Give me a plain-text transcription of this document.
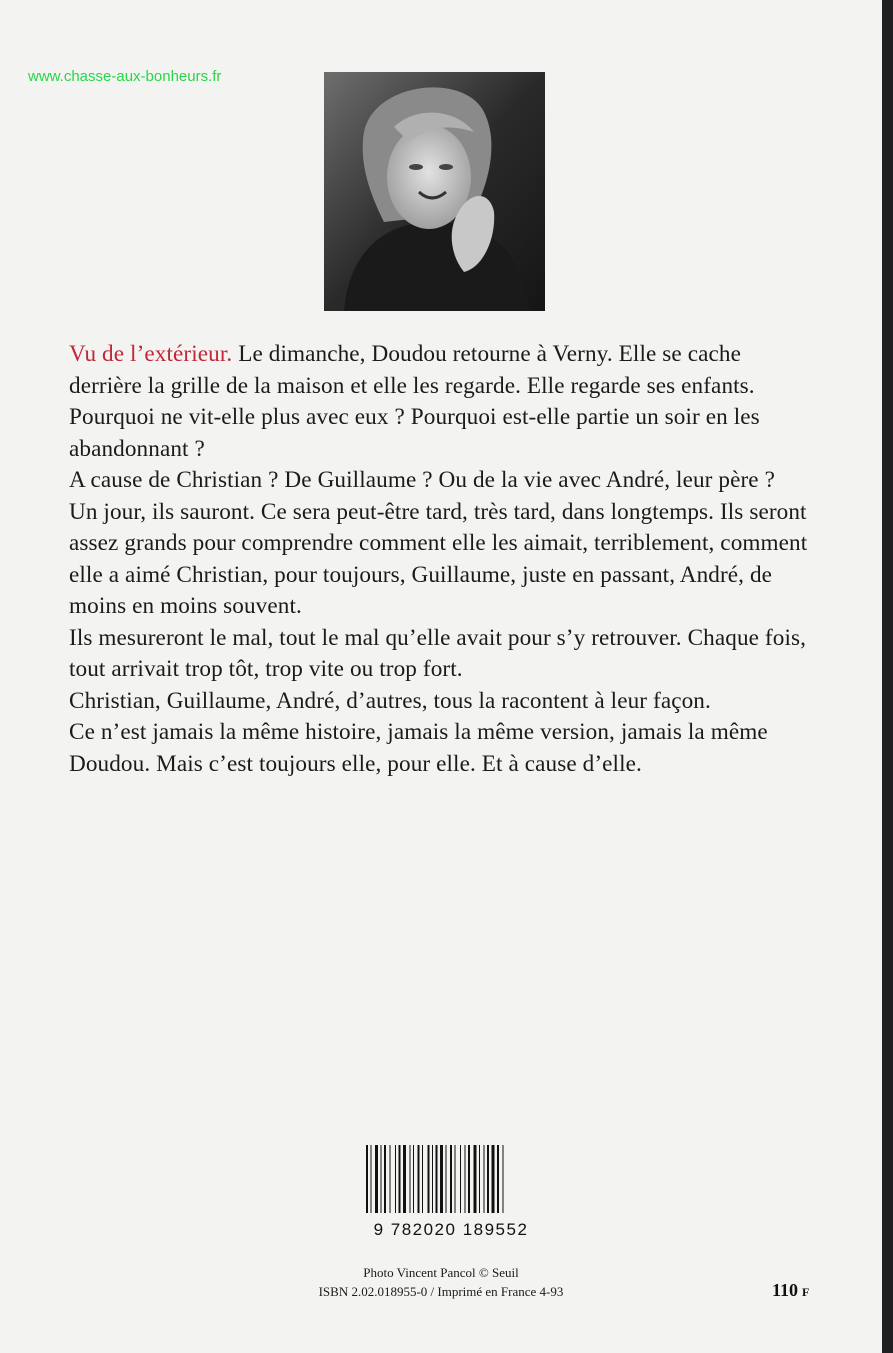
www.chasse-aux-bonheurs.fr

Vu de l’extérieur. Le dimanche, Doudou retourne à Verny. Elle se cache derrière la grille de la maison et elle les regarde. Elle regarde ses enfants. Pourquoi ne vit-elle plus avec eux ? Pourquoi est-elle partie un soir en les abandonnant ?

A cause de Christian ? De Guillaume ? Ou de la vie avec André, leur père ?

Un jour, ils sauront. Ce sera peut-être tard, très tard, dans longtemps. Ils seront assez grands pour comprendre comment elle les aimait, terriblement, comment elle a aimé Christian, pour toujours, Guillaume, juste en passant, André, de moins en moins souvent.

Ils mesureront le mal, tout le mal qu’elle avait pour s’y retrouver. Chaque fois, tout arrivait trop tôt, trop vite ou trop fort.

Christian, Guillaume, André, d’autres, tous la racontent à leur façon.

Ce n’est jamais la même histoire, jamais la même version, jamais la même Doudou. Mais c’est toujours elle, pour elle. Et à cause d’elle.

9 782020 189552
Photo Vincent Pancol © Seuil
ISBN 2.02.018955-0 / Imprimé en France 4-93	110 F
